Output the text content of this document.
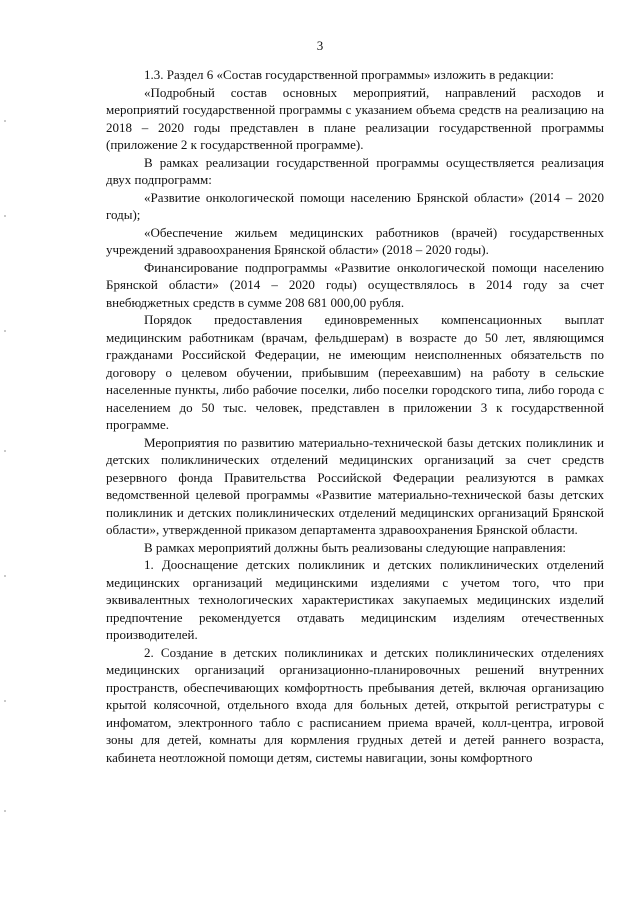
3

1.3. Раздел 6 «Состав государственной программы» изложить в редакции:

«Подробный состав основных мероприятий, направлений расходов и мероприятий государственной программы с указанием объема средств на реализацию на 2018 – 2020 годы представлен в плане реализации государственной программы (приложение 2 к государственной программе).

В рамках реализации государственной программы осуществляется реализация двух подпрограмм:

«Развитие онкологической помощи населению Брянской области» (2014 – 2020 годы);

«Обеспечение жильем медицинских работников (врачей) государственных учреждений здравоохранения Брянской области» (2018 – 2020 годы).

Финансирование подпрограммы «Развитие онкологической помощи населению Брянской области» (2014 – 2020 годы) осуществлялось в 2014 году за счет внебюджетных средств в сумме 208 681 000,00 рубля.

Порядок предоставления единовременных компенсационных выплат медицинским работникам (врачам, фельдшерам) в возрасте до 50 лет, являющимся гражданами Российской Федерации, не имеющим неисполненных обязательств по договору о целевом обучении, прибывшим (переехавшим) на работу в сельские населенные пункты, либо рабочие поселки, либо поселки городского типа, либо города с населением до 50 тыс. человек, представлен в приложении 3 к государственной программе.

Мероприятия по развитию материально-технической базы детских поликлиник и детских поликлинических отделений медицинских организаций за счет средств резервного фонда Правительства Российской Федерации реализуются в рамках ведомственной целевой программы «Развитие материально-технической базы детских поликлиник и детских поликлинических отделений медицинских организаций Брянской области», утвержденной приказом департамента здравоохранения Брянской области.

В рамках мероприятий должны быть реализованы следующие направления:

1. Дооснащение детских поликлиник и детских поликлинических отделений медицинских организаций медицинскими изделиями с учетом того, что при эквивалентных технологических характеристиках закупаемых медицинских изделий предпочтение рекомендуется отдавать медицинским изделиям отечественных производителей.

2. Создание в детских поликлиниках и детских поликлинических отделениях медицинских организаций организационно-планировочных решений внутренних пространств, обеспечивающих комфортность пребывания детей, включая организацию крытой колясочной, отдельного входа для больных детей, открытой регистратуры с инфоматом, электронного табло с расписанием приема врачей, колл-центра, игровой зоны для детей, комнаты для кормления грудных детей и детей раннего возраста, кабинета неотложной помощи детям, системы навигации, зоны комфортного
